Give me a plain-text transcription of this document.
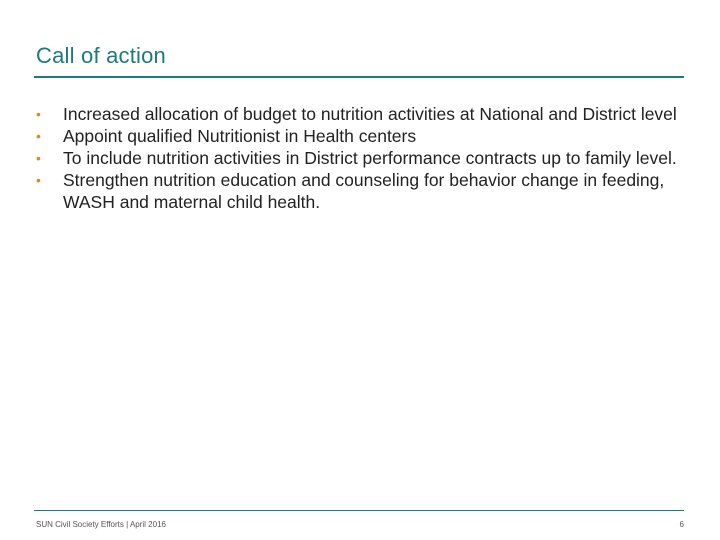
Call of action
• Increased allocation of budget to nutrition activities at National and District level
• Appoint qualified Nutritionist in Health centers
• To include nutrition activities in District performance contracts up to family level.
• Strengthen nutrition education and counseling for behavior change in feeding, WASH and maternal child health.
SUN Civil Society Efforts | April 2016	6
